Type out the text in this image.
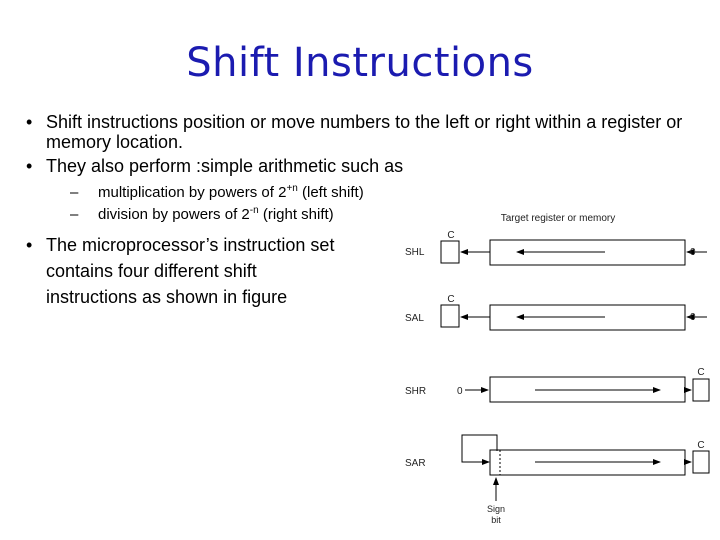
Shift Instructions
• Shift instructions position or move numbers to the left or right within a register or memory location.
• They also perform :simple arithmetic such as
– multiplication by powers of $2^{+n}$ (left shift)
– division by powers of $2^{-n}$ (right shift)
• The microprocessor’s instruction set contains four different shift instructions as shown in figure
Target register or memory
SHL
C
0
SAL
C
0
SHR	0
C
SAR
C
Sign
bit
